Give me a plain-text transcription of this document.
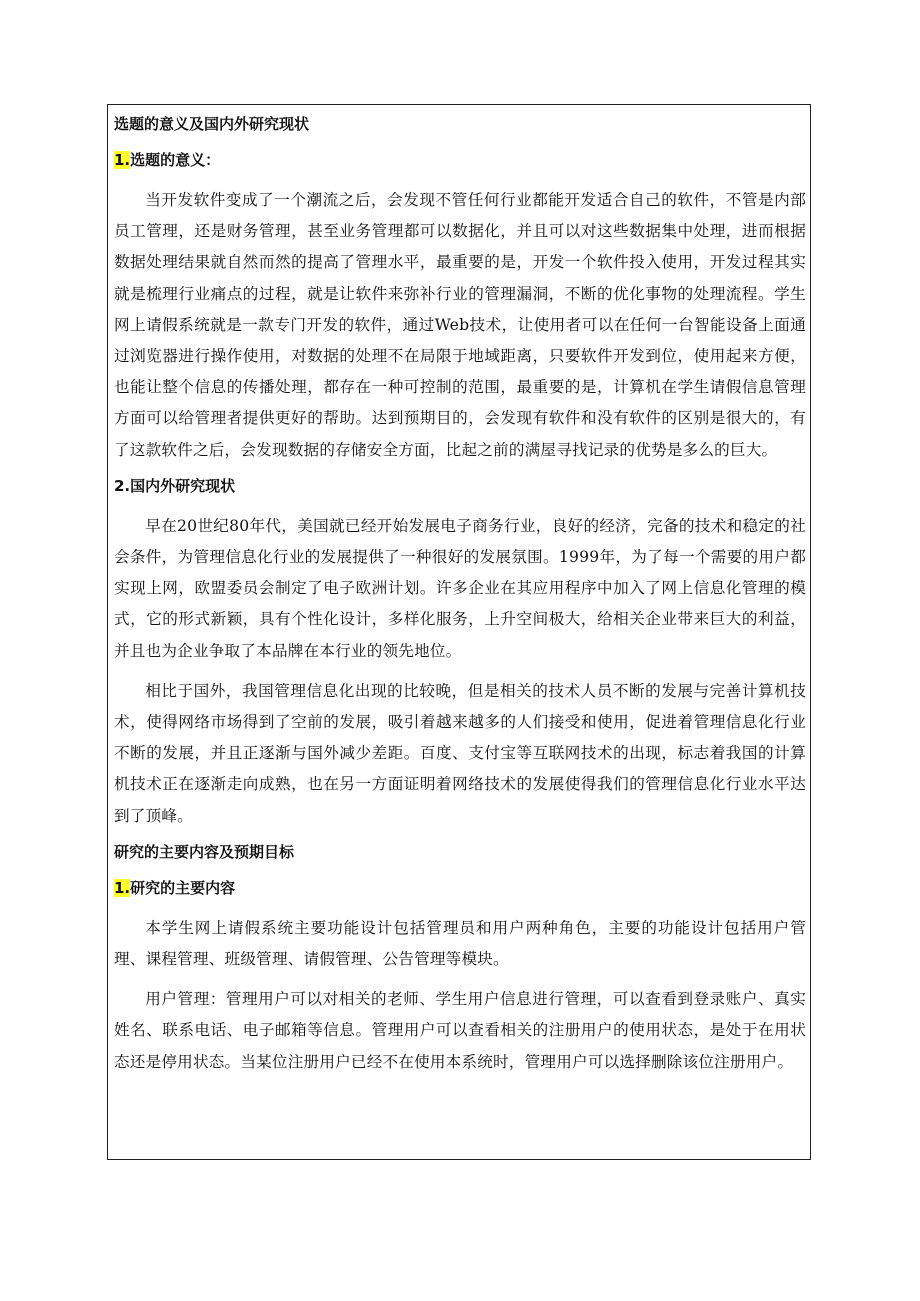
选题的意义及国内外研究现状
1.选题的意义：

当开发软件变成了一个潮流之后，会发现不管任何行业都能开发适合自己的软件，不管是内部员工管理，还是财务管理，甚至业务管理都可以数据化，并且可以对这些数据集中处理，进而根据数据处理结果就自然而然的提高了管理水平，最重要的是，开发一个软件投入使用，开发过程其实就是梳理行业痛点的过程，就是让软件来弥补行业的管理漏洞，不断的优化事物的处理流程。学生网上请假系统就是一款专门开发的软件，通过Web技术，让使用者可以在任何一台智能设备上面通过浏览器进行操作使用，对数据的处理不在局限于地域距离，只要软件开发到位，使用起来方便，也能让整个信息的传播处理，都存在一种可控制的范围，最重要的是，计算机在学生请假信息管理方面可以给管理者提供更好的帮助。达到预期目的，会发现有软件和没有软件的区别是很大的，有了这款软件之后，会发现数据的存储安全方面，比起之前的满屋寻找记录的优势是多么的巨大。

2.国内外研究现状

早在20世纪80年代，美国就已经开始发展电子商务行业，良好的经济，完备的技术和稳定的社会条件，为管理信息化行业的发展提供了一种很好的发展氛围。1999年，为了每一个需要的用户都实现上网，欧盟委员会制定了电子欧洲计划。许多企业在其应用程序中加入了网上信息化管理的模式，它的形式新颖，具有个性化设计，多样化服务，上升空间极大，给相关企业带来巨大的利益，并且也为企业争取了本品牌在本行业的领先地位。

相比于国外，我国管理信息化出现的比较晚，但是相关的技术人员不断的发展与完善计算机技术，使得网络市场得到了空前的发展，吸引着越来越多的人们接受和使用，促进着管理信息化行业不断的发展，并且正逐渐与国外减少差距。百度、支付宝等互联网技术的出现，标志着我国的计算机技术正在逐渐走向成熟，也在另一方面证明着网络技术的发展使得我们的管理信息化行业水平达到了顶峰。

研究的主要内容及预期目标
1.研究的主要内容

本学生网上请假系统主要功能设计包括管理员和用户两种角色，主要的功能设计包括用户管理、课程管理、班级管理、请假管理、公告管理等模块。

用户管理：管理用户可以对相关的老师、学生用户信息进行管理，可以查看到登录账户、真实姓名、联系电话、电子邮箱等信息。管理用户可以查看相关的注册用户的使用状态，是处于在用状态还是停用状态。当某位注册用户已经不在使用本系统时，管理用户可以选择删除该位注册用户。
